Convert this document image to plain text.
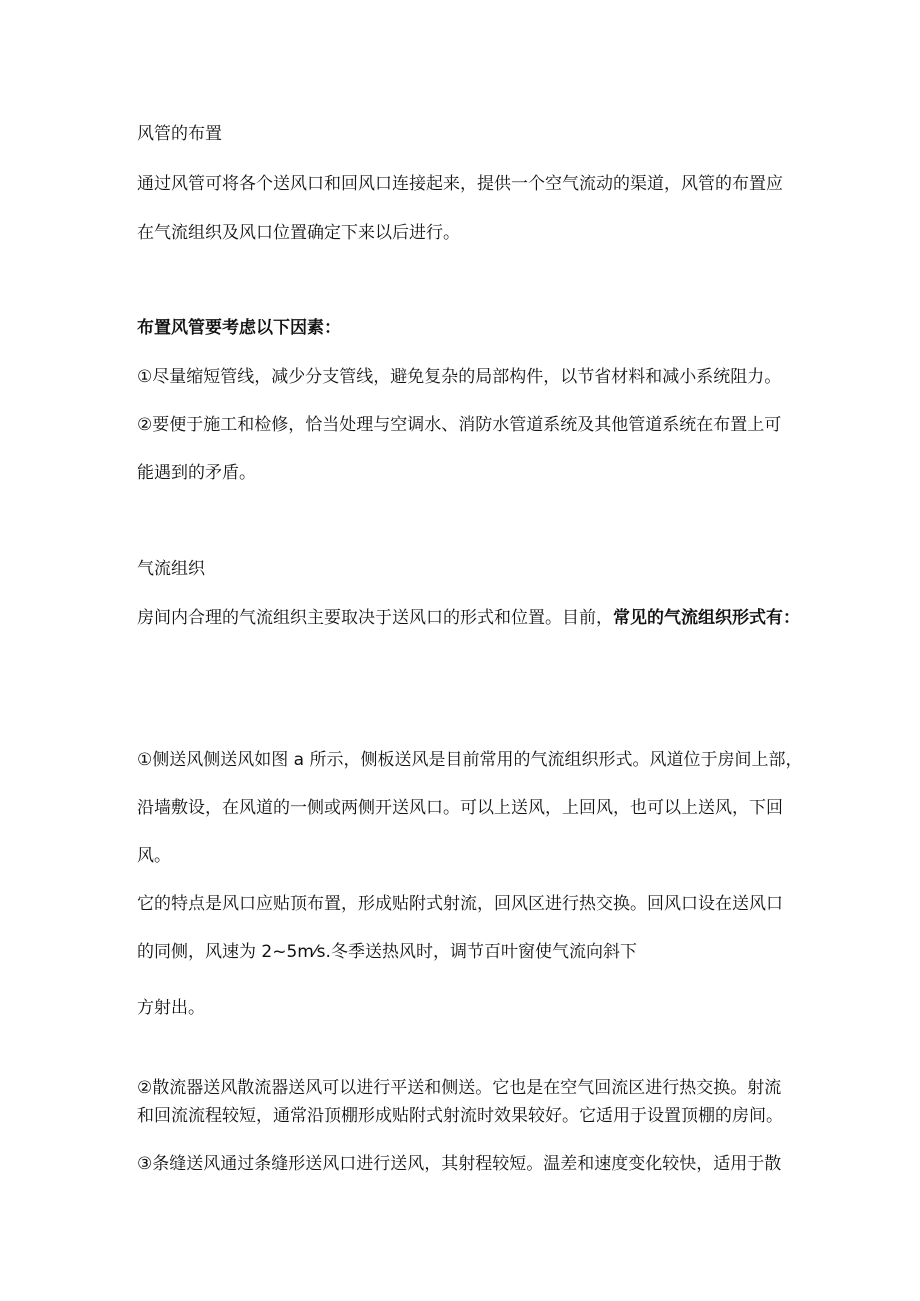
风管的布置

通过风管可将各个送风口和回风口连接起来，提供一个空气流动的渠道，风管的布置应

在气流组织及风口位置确定下来以后进行。

布置风管要考虑以下因素：

①尽量缩短管线，减少分支管线，避免复杂的局部构件，以节省材料和减小系统阻力。

②要便于施工和检修，恰当处理与空调水、消防水管道系统及其他管道系统在布置上可

能遇到的矛盾。

气流组织

房间内合理的气流组织主要取决于送风口的形式和位置。目前，常见的气流组织形式有：

①侧送风侧送风如图 a 所示，侧板送风是目前常用的气流组织形式。风道位于房间上部，

沿墙敷设，在风道的一侧或两侧开送风口。可以上送风，上回风，也可以上送风，下回

风。

它的特点是风口应贴顶布置，形成贴附式射流，回风区进行热交换。回风口设在送风口

的同侧，风速为 2~5m⁄s.冬季送热风时，调节百叶窗使气流向斜下

方射出。

②散流器送风散流器送风可以进行平送和侧送。它也是在空气回流区进行热交换。射流

和回流流程较短，通常沿顶棚形成贴附式射流时效果较好。它适用于设置顶棚的房间。

③条缝送风通过条缝形送风口进行送风，其射程较短。温差和速度变化较快，适用于散
